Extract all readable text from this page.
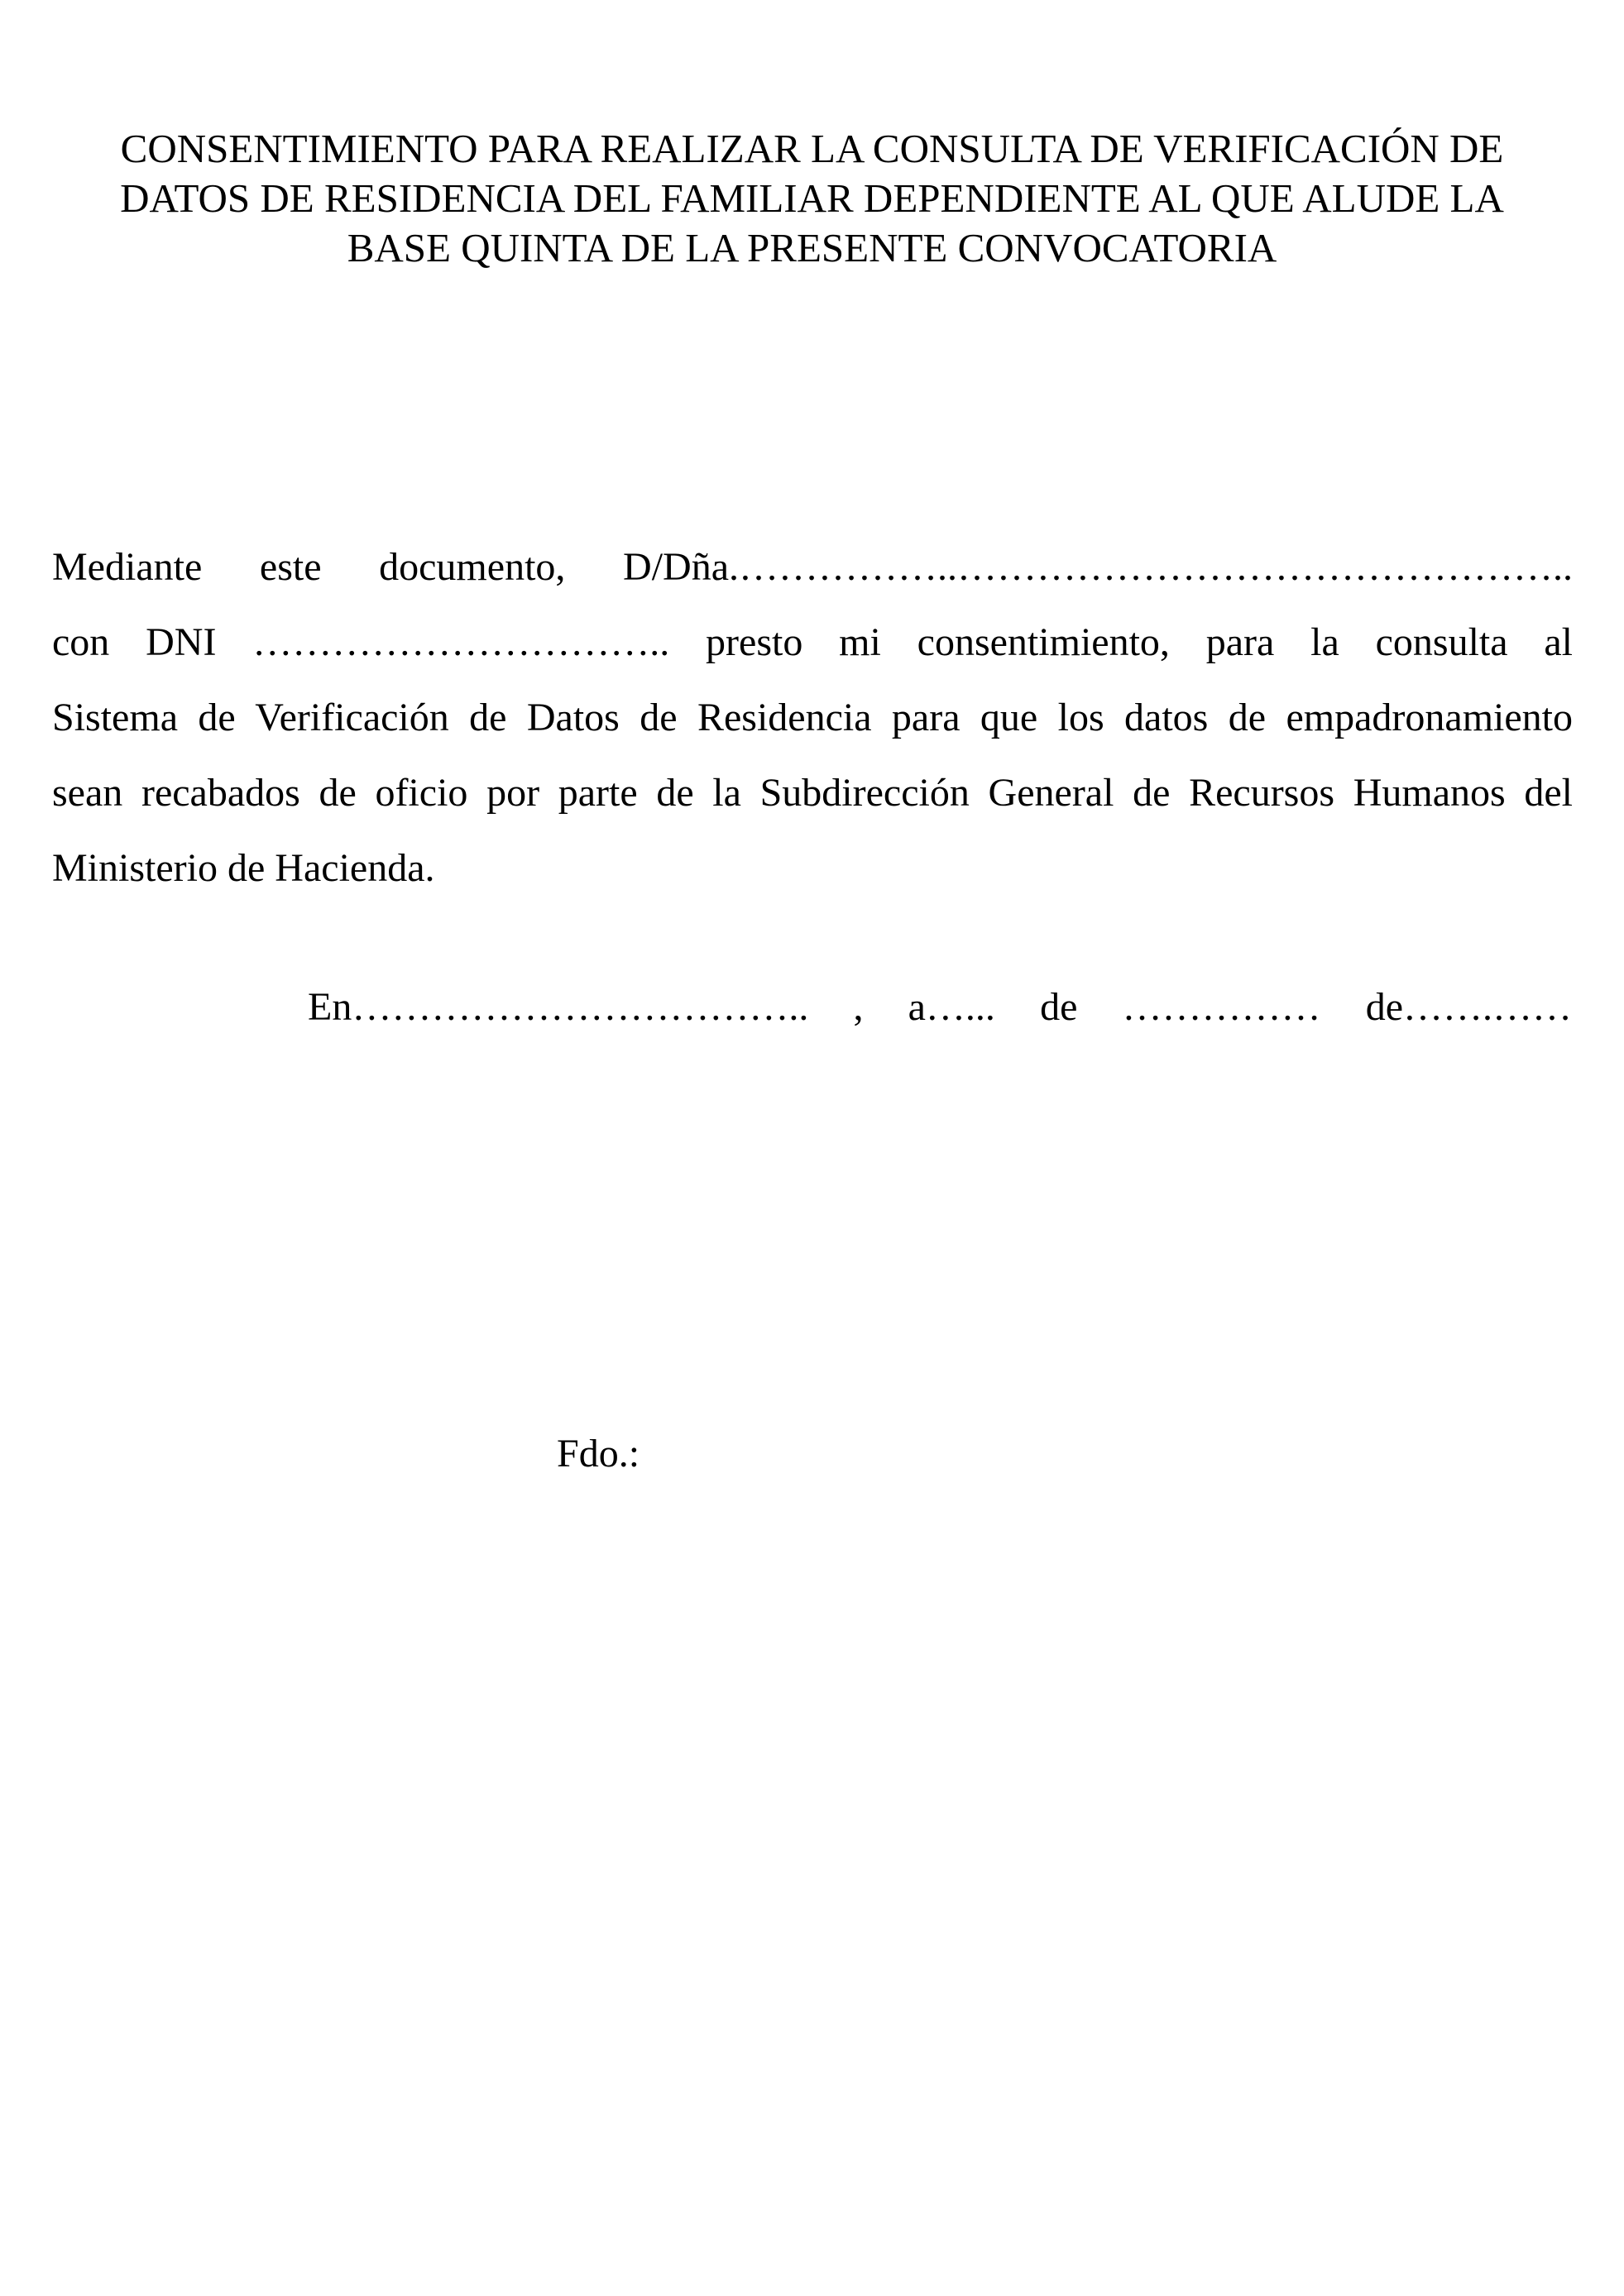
CONSENTIMIENTO PARA REALIZAR LA CONSULTA DE VERIFICACIÓN DE
DATOS DE RESIDENCIA DEL FAMILIAR DEPENDIENTE AL QUE ALUDE LA
BASE QUINTA DE LA PRESENTE CONVOCATORIA
Mediante este documento, D/Dña.……………..………………………………………..
con DNI ………………………….. presto mi consentimiento, para la consulta al
Sistema de Verificación de Datos de Residencia para que los datos de empadronamiento
sean recabados de oficio por parte de la Subdirección General de Recursos Humanos del
Ministerio de Hacienda.
En…………………………….. , a…... de …………… de…….……
Fdo.:
